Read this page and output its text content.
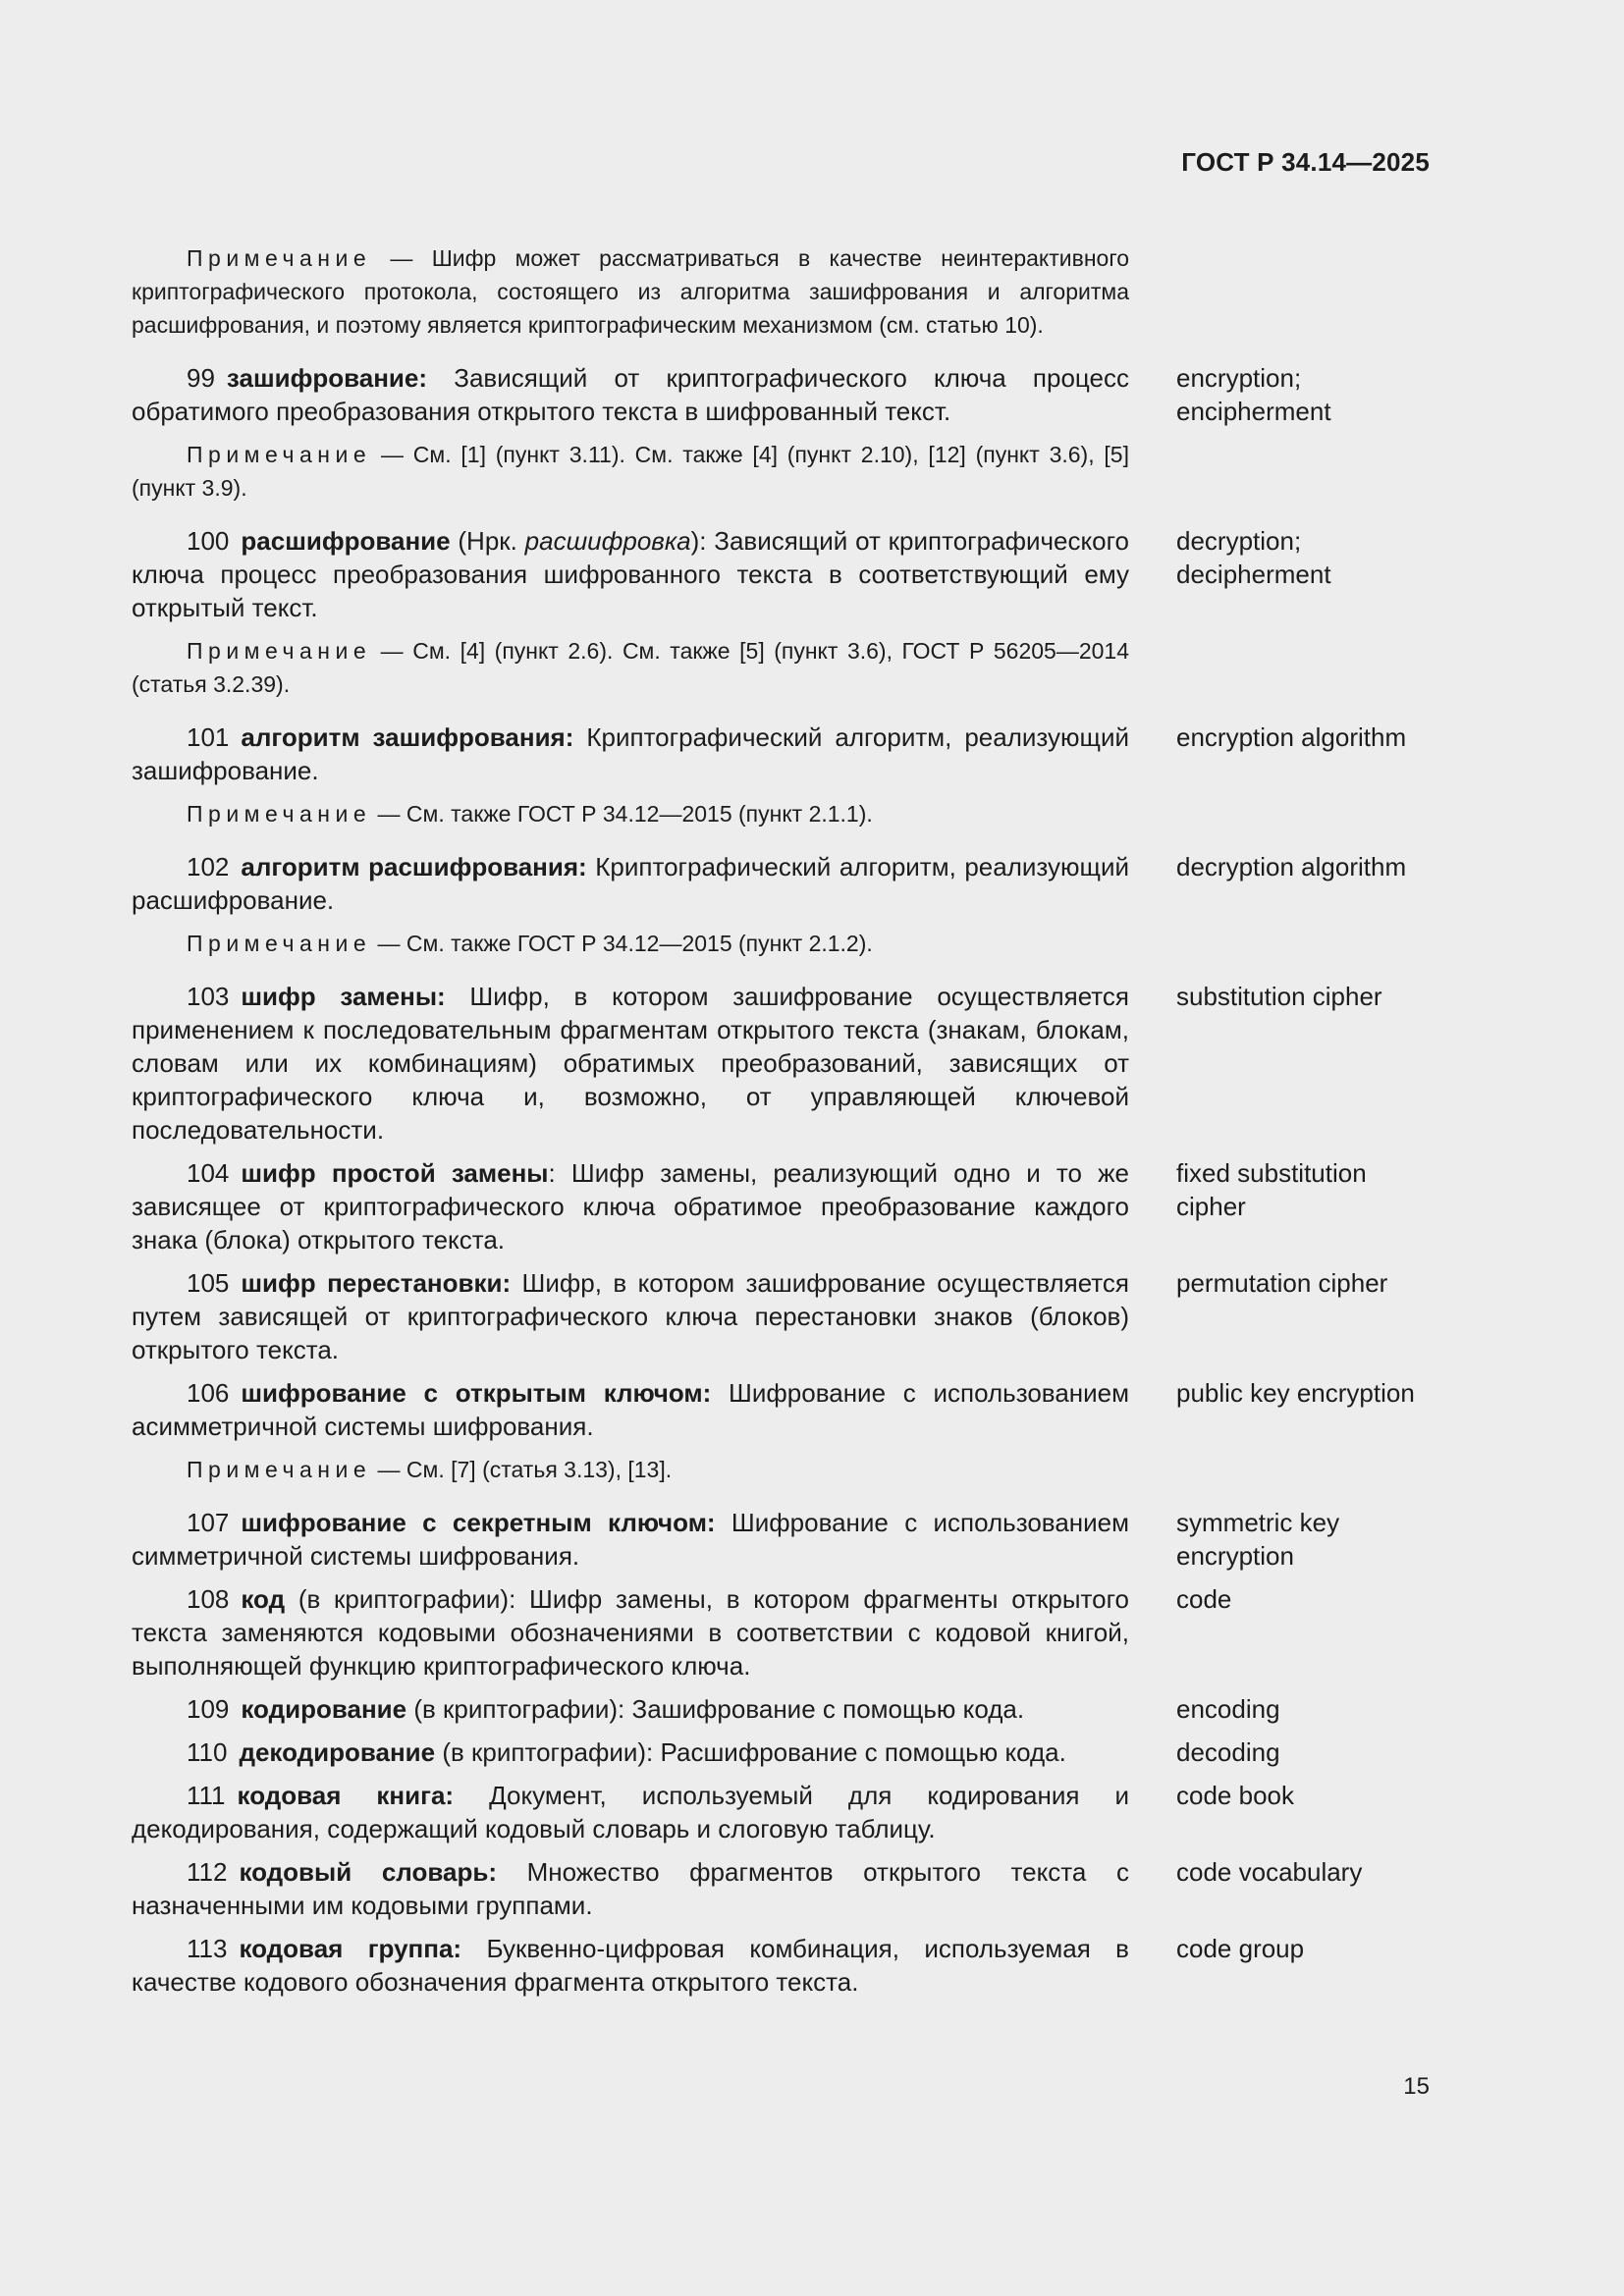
ГОСТ Р 34.14—2025
Примечание — Шифр может рассматриваться в качестве неинтерактивного криптографического протокола, состоящего из алгоритма зашифрования и алгоритма расшифрования, и поэтому является криптографическим механизмом (см. статью 10).
99 зашифрование: Зависящий от криптографического ключа процесс обратимого преобразования открытого текста в шифрованный текст.
encryption; encipherment
Примечание — См. [1] (пункт 3.11). См. также [4] (пункт 2.10), [12] (пункт 3.6), [5] (пункт 3.9).
100 расшифрование (Нрк. расшифровка): Зависящий от криптографического ключа процесс преобразования шифрованного текста в соответствующий ему открытый текст.
decryption; decipherment
Примечание — См. [4] (пункт 2.6). См. также [5] (пункт 3.6), ГОСТ Р 56205—2014 (статья 3.2.39).
101 алгоритм зашифрования: Криптографический алгоритм, реализующий зашифрование.
encryption algorithm
Примечание — См. также ГОСТ Р 34.12—2015 (пункт 2.1.1).
102 алгоритм расшифрования: Криптографический алгоритм, реализующий расшифрование.
decryption algorithm
Примечание — См. также ГОСТ Р 34.12—2015 (пункт 2.1.2).
103 шифр замены: Шифр, в котором зашифрование осуществляется применением к последовательным фрагментам открытого текста (знакам, блокам, словам или их комбинациям) обратимых преобразований, зависящих от криптографического ключа и, возможно, от управляющей ключевой последовательности.
substitution cipher
104 шифр простой замены: Шифр замены, реализующий одно и то же зависящее от криптографического ключа обратимое преобразование каждого знака (блока) открытого текста.
fixed substitution cipher
105 шифр перестановки: Шифр, в котором зашифрование осуществляется путем зависящей от криптографического ключа перестановки знаков (блоков) открытого текста.
permutation cipher
106 шифрование с открытым ключом: Шифрование с использованием асимметричной системы шифрования.
public key encryption
Примечание — См. [7] (статья 3.13), [13].
107 шифрование с секретным ключом: Шифрование с использованием симметричной системы шифрования.
symmetric key encryption
108 код (в криптографии): Шифр замены, в котором фрагменты открытого текста заменяются кодовыми обозначениями в соответствии с кодовой книгой, выполняющей функцию криптографического ключа.
code
109 кодирование (в криптографии): Зашифрование с помощью кода.	encoding
110 декодирование (в криптографии): Расшифрование с помощью кода.	decoding
111 кодовая книга: Документ, используемый для кодирования и декодирования, содержащий кодовый словарь и слоговую таблицу.
code book
112 кодовый словарь: Множество фрагментов открытого текста с назначенными им кодовыми группами.
code vocabulary
113 кодовая группа: Буквенно-цифровая комбинация, используемая в качестве кодового обозначения фрагмента открытого текста.
code group
15
